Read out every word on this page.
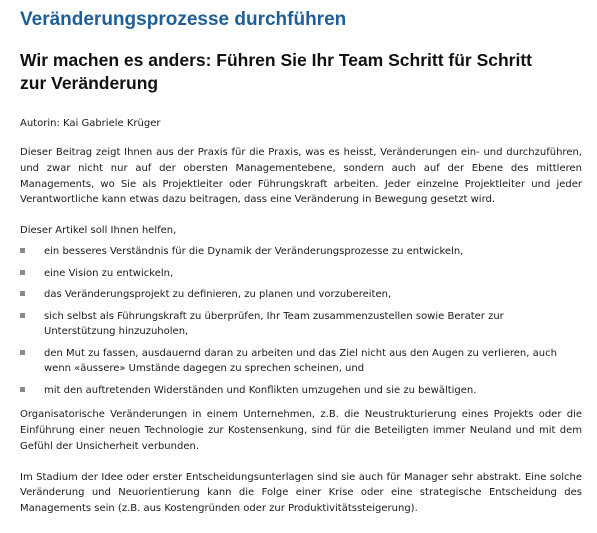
Veränderungsprozesse durchführen
Wir machen es anders: Führen Sie Ihr Team Schritt für Schritt zur Veränderung

Autorin: Kai Gabriele Krüger

Dieser Beitrag zeigt Ihnen aus der Praxis für die Praxis, was es heisst, Veränderungen ein- und durchzuführen, und zwar nicht nur auf der obersten Managementebene, sondern auch auf der Ebene des mittleren Managements, wo Sie als Projektleiter oder Führungskraft arbeiten. Jeder einzelne Projektleiter und jeder Verantwortliche kann etwas dazu beitragen, dass eine Veränderung in Bewegung gesetzt wird.

Dieser Artikel soll Ihnen helfen,

ein besseres Verständnis für die Dynamik der Veränderungsprozesse zu entwickeln,
eine Vision zu entwickeln,
das Veränderungsprojekt zu definieren, zu planen und vorzubereiten,
sich selbst als Führungskraft zu überprüfen, Ihr Team zusammenzustellen sowie Berater zur Unterstützung hinzuzuholen,
den Mut zu fassen, ausdauernd daran zu arbeiten und das Ziel nicht aus den Augen zu verlieren, auch wenn «äussere» Umstände dagegen zu sprechen scheinen, und
mit den auftretenden Widerständen und Konflikten umzugehen und sie zu bewältigen.

Organisatorische Veränderungen in einem Unternehmen, z.B. die Neustrukturierung eines Projekts oder die Einführung einer neuen Technologie zur Kostensenkung, sind für die Beteiligten immer Neuland und mit dem Gefühl der Unsicherheit verbunden.

Im Stadium der Idee oder erster Entscheidungsunterlagen sind sie auch für Manager sehr abstrakt. Eine solche Veränderung und Neuorientierung kann die Folge einer Krise oder eine strategische Entscheidung des Managements sein (z.B. aus Kostengründen oder zur Produktivitätssteigerung).
